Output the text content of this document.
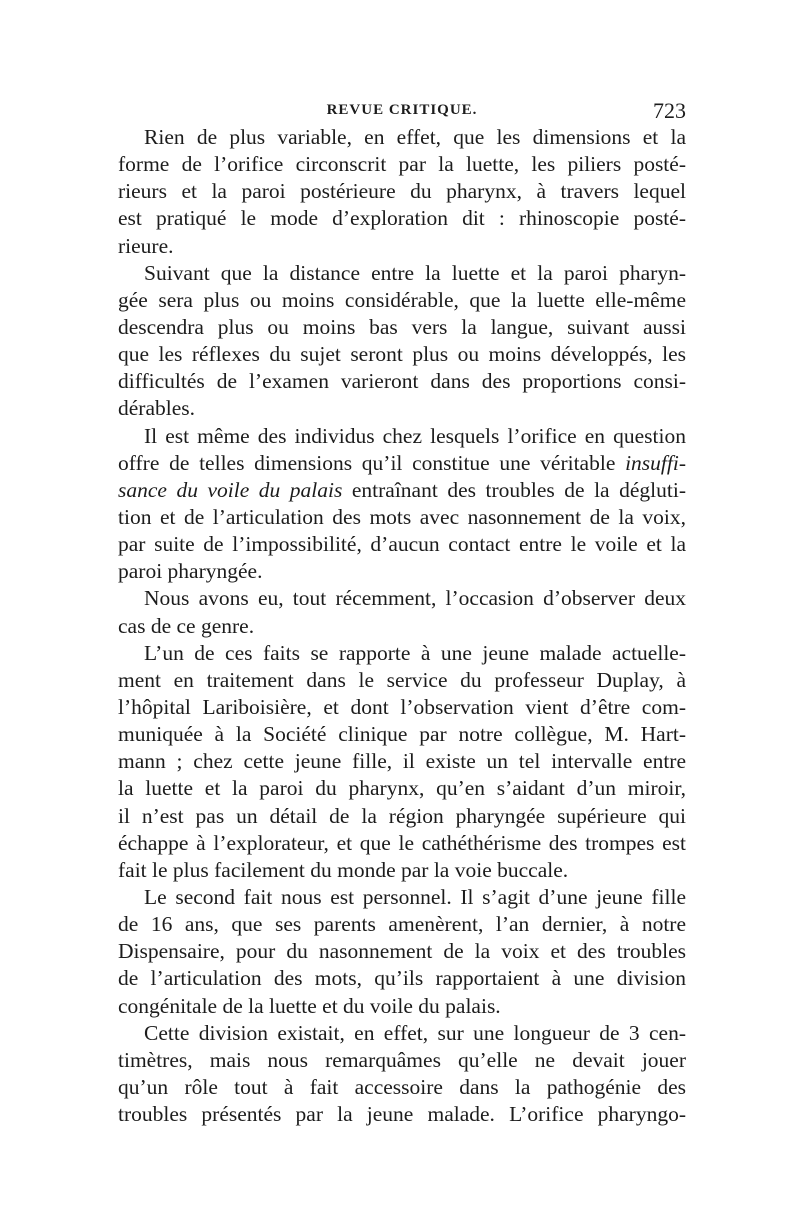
REVUE CRITIQUE.	723
Rien de plus variable, en effet, que les dimensions et la
forme de l’orifice circonscrit par la luette, les piliers posté-
rieurs et la paroi postérieure du pharynx, à travers lequel
est pratiqué le mode d’exploration dit : rhinoscopie posté-
rieure.
Suivant que la distance entre la luette et la paroi pharyn-
gée sera plus ou moins considérable, que la luette elle-même
descendra plus ou moins bas vers la langue, suivant aussi
que les réflexes du sujet seront plus ou moins développés, les
difficultés de l’examen varieront dans des proportions consi-
dérables.
Il est même des individus chez lesquels l’orifice en question
offre de telles dimensions qu’il constitue une véritable insuffi-
sance du voile du palais entraînant des troubles de la dégluti-
tion et de l’articulation des mots avec nasonnement de la voix,
par suite de l’impossibilité, d’aucun contact entre le voile et la
paroi pharyngée.
Nous avons eu, tout récemment, l’occasion d’observer deux
cas de ce genre.
L’un de ces faits se rapporte à une jeune malade actuelle-
ment en traitement dans le service du professeur Duplay, à
l’hôpital Lariboisière, et dont l’observation vient d’être com-
muniquée à la Société clinique par notre collègue, M. Hart-
mann ; chez cette jeune fille, il existe un tel intervalle entre
la luette et la paroi du pharynx, qu’en s’aidant d’un miroir,
il n’est pas un détail de la région pharyngée supérieure qui
échappe à l’explorateur, et que le cathéthérisme des trompes est
fait le plus facilement du monde par la voie buccale.
Le second fait nous est personnel. Il s’agit d’une jeune fille
de 16 ans, que ses parents amenèrent, l’an dernier, à notre
Dispensaire, pour du nasonnement de la voix et des troubles
de l’articulation des mots, qu’ils rapportaient à une division
congénitale de la luette et du voile du palais.
Cette division existait, en effet, sur une longueur de 3 cen-
timètres, mais nous remarquâmes qu’elle ne devait jouer
qu’un rôle tout à fait accessoire dans la pathogénie des
troubles présentés par la jeune malade. L’orifice pharyngo-
